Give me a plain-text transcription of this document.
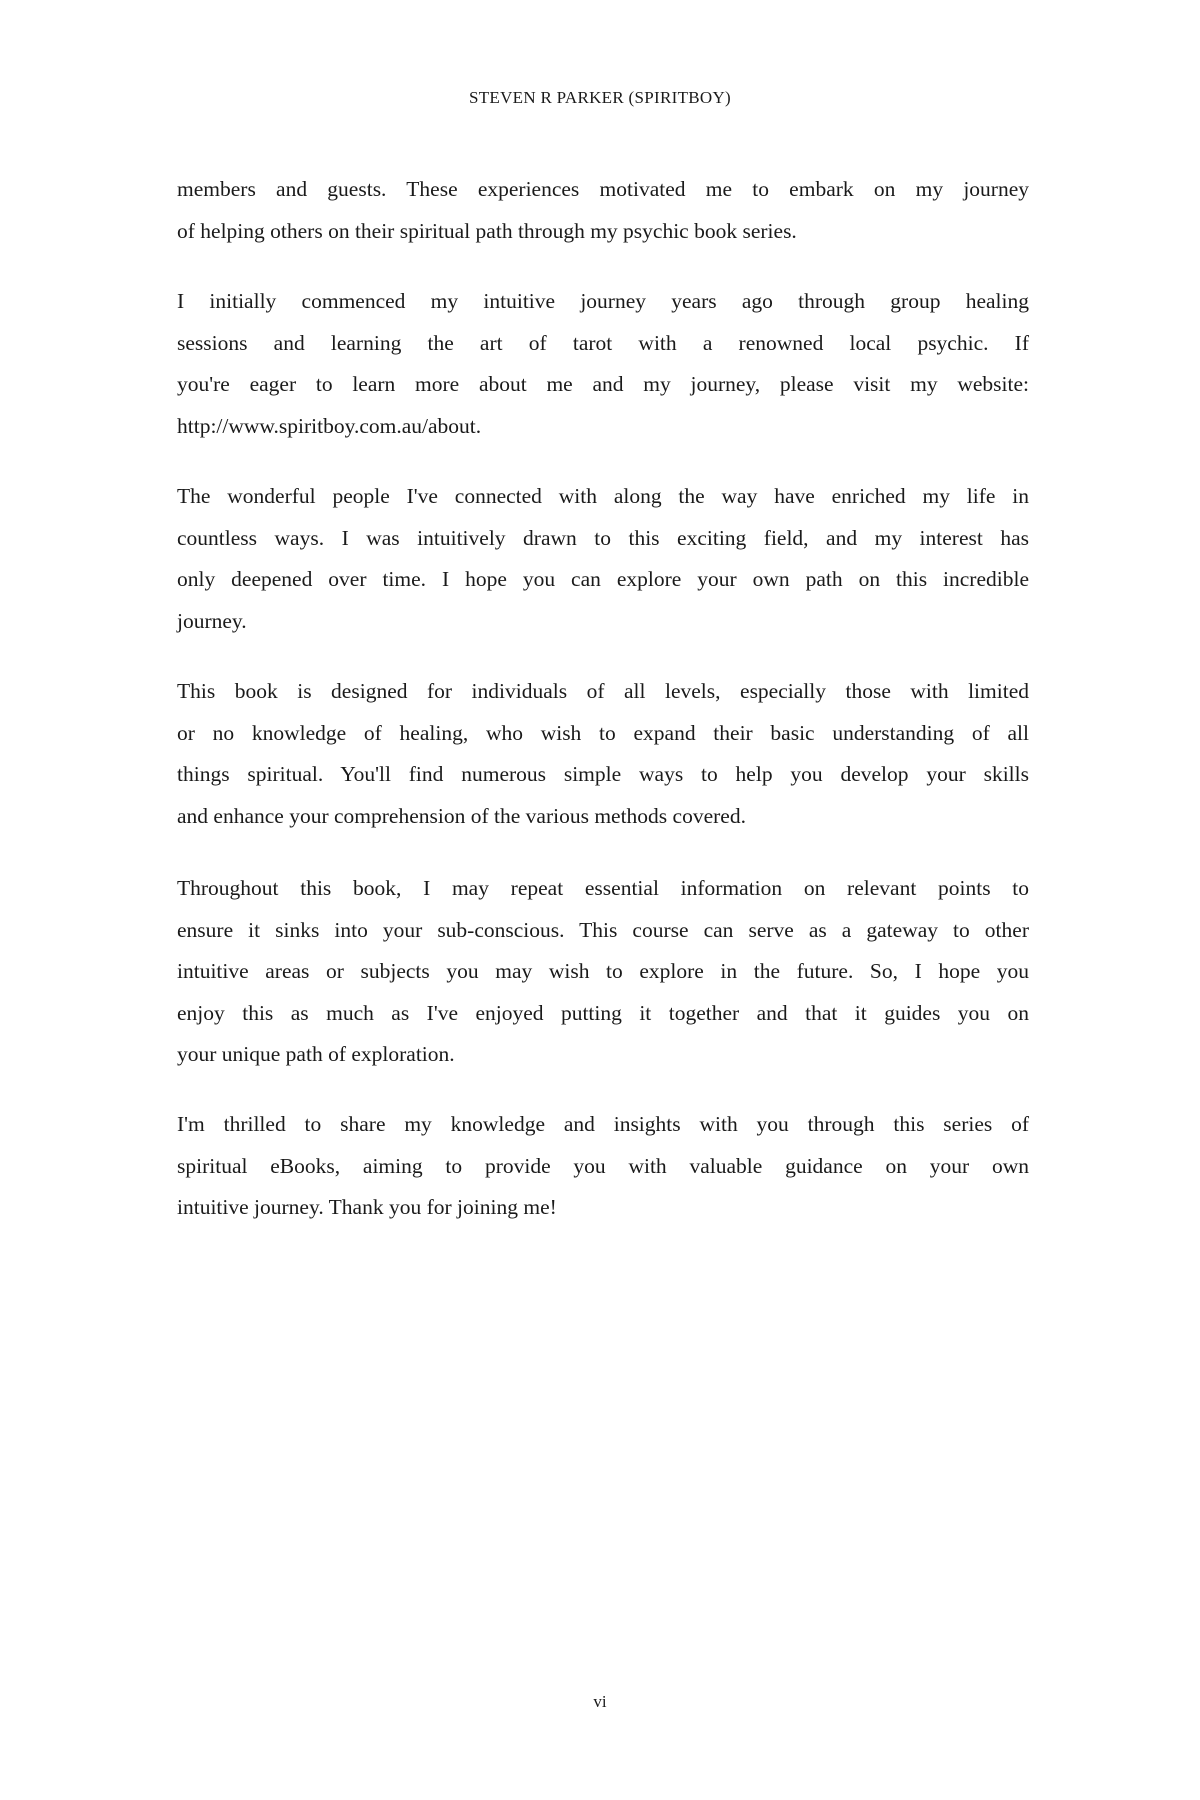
STEVEN R PARKER (SPIRITBOY)
members and guests. These experiences motivated me to embark on my journey
of helping others on their spiritual path through my psychic book series.
I initially commenced my intuitive journey years ago through group healing
sessions and learning the art of tarot with a renowned local psychic. If
you're eager to learn more about me and my journey, please visit my website:
http://www.spiritboy.com.au/about.
The wonderful people I've connected with along the way have enriched my life in
countless ways. I was intuitively drawn to this exciting field, and my interest has
only deepened over time. I hope you can explore your own path on this incredible
journey.
This book is designed for individuals of all levels, especially those with limited
or no knowledge of healing, who wish to expand their basic understanding of all
things spiritual. You'll find numerous simple ways to help you develop your skills
and enhance your comprehension of the various methods covered.
Throughout this book, I may repeat essential information on relevant points to
ensure it sinks into your sub-conscious. This course can serve as a gateway to other
intuitive areas or subjects you may wish to explore in the future. So, I hope you
enjoy this as much as I've enjoyed putting it together and that it guides you on
your unique path of exploration.
I'm thrilled to share my knowledge and insights with you through this series of
spiritual eBooks, aiming to provide you with valuable guidance on your own
intuitive journey. Thank you for joining me!
vi
